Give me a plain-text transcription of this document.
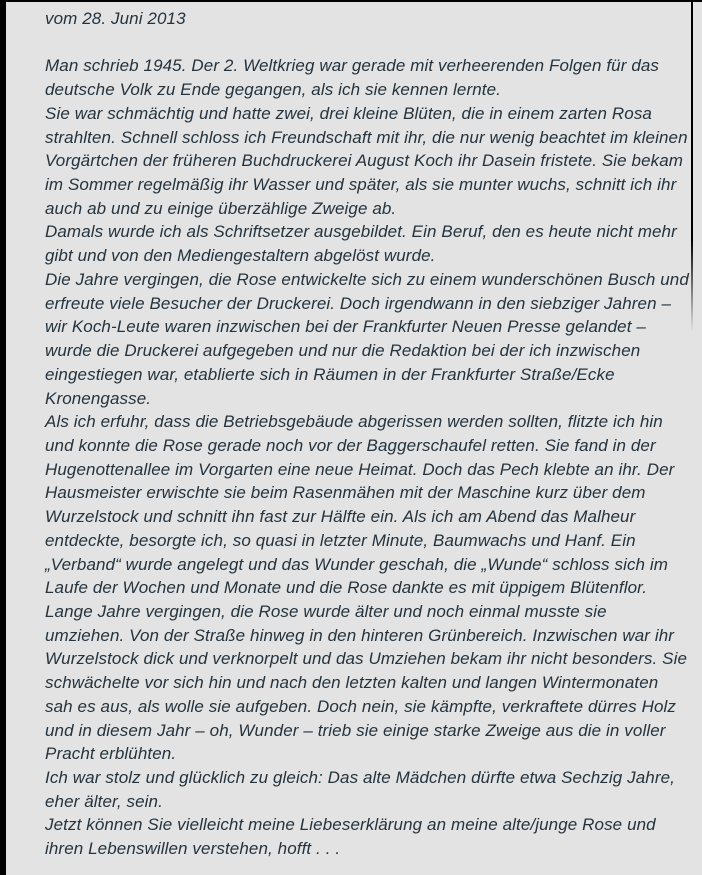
vom 28. Juni 2013

Man schrieb 1945. Der 2. Weltkrieg war gerade mit verheerenden Folgen für das
deutsche Volk zu Ende gegangen, als ich sie kennen lernte.
Sie war schmächtig und hatte zwei, drei kleine Blüten, die in einem zarten Rosa
strahlten. Schnell schloss ich Freundschaft mit ihr, die nur wenig beachtet im kleinen
Vorgärtchen der früheren Buchdruckerei August Koch ihr Dasein fristete. Sie bekam
im Sommer regelmäßig ihr Wasser und später, als sie munter wuchs, schnitt ich ihr
auch ab und zu einige überzählige Zweige ab.
Damals wurde ich als Schriftsetzer ausgebildet. Ein Beruf, den es heute nicht mehr
gibt und von den Mediengestaltern abgelöst wurde.
Die Jahre vergingen, die Rose entwickelte sich zu einem wunderschönen Busch und
erfreute viele Besucher der Druckerei. Doch irgendwann in den siebziger Jahren –
wir Koch-Leute waren inzwischen bei der Frankfurter Neuen Presse gelandet –
wurde die Druckerei aufgegeben und nur die Redaktion bei der ich inzwischen
eingestiegen war, etablierte sich in Räumen in der Frankfurter Straße/Ecke
Kronengasse.
Als ich erfuhr, dass die Betriebsgebäude abgerissen werden sollten, flitzte ich hin
und konnte die Rose gerade noch vor der Baggerschaufel retten. Sie fand in der
Hugenottenallee im Vorgarten eine neue Heimat. Doch das Pech klebte an ihr. Der
Hausmeister erwischte sie beim Rasenmähen mit der Maschine kurz über dem
Wurzelstock und schnitt ihn fast zur Hälfte ein. Als ich am Abend das Malheur
entdeckte, besorgte ich, so quasi in letzter Minute, Baumwachs und Hanf. Ein
„Verband“ wurde angelegt und das Wunder geschah, die „Wunde“ schloss sich im
Laufe der Wochen und Monate und die Rose dankte es mit üppigem Blütenflor.
Lange Jahre vergingen, die Rose wurde älter und noch einmal musste sie
umziehen. Von der Straße hinweg in den hinteren Grünbereich. Inzwischen war ihr
Wurzelstock dick und verknorpelt und das Umziehen bekam ihr nicht besonders. Sie
schwächelte vor sich hin und nach den letzten kalten und langen Wintermonaten
sah es aus, als wolle sie aufgeben. Doch nein, sie kämpfte, verkraftete dürres Holz
und in diesem Jahr – oh, Wunder – trieb sie einige starke Zweige aus die in voller
Pracht erblühten.
Ich war stolz und glücklich zu gleich: Das alte Mädchen dürfte etwa Sechzig Jahre,
eher älter, sein.
Jetzt können Sie vielleicht meine Liebeserklärung an meine alte/junge Rose und
ihren Lebenswillen verstehen, hofft . . .
